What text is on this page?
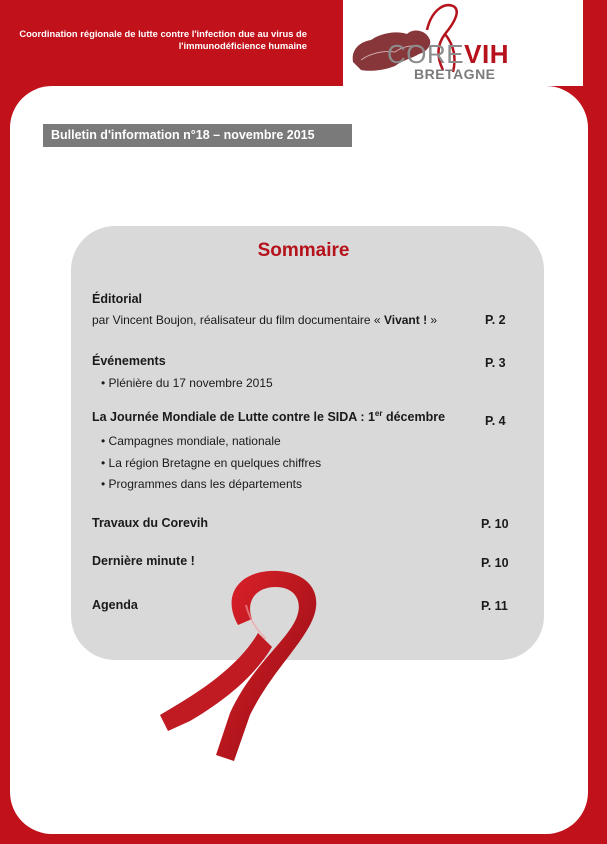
Coordination régionale de lutte contre l'infection due au virus de l'immunodéficience humaine	COREVIH
BRETAGNE
Bulletin d'information n°18 – novembre 2015
Sommaire
Éditorial
par Vincent Boujon, réalisateur du film documentaire « Vivant ! »	P. 2
Événements	P. 3
• Plénière du 17 novembre 2015
La Journée Mondiale de Lutte contre le SIDA : 1er décembre	P. 4
• Campagnes mondiale, nationale
• La région Bretagne en quelques chiffres
• Programmes dans les départements
Travaux du Corevih	P. 10
Dernière minute !	P. 10
Agenda	P. 11
